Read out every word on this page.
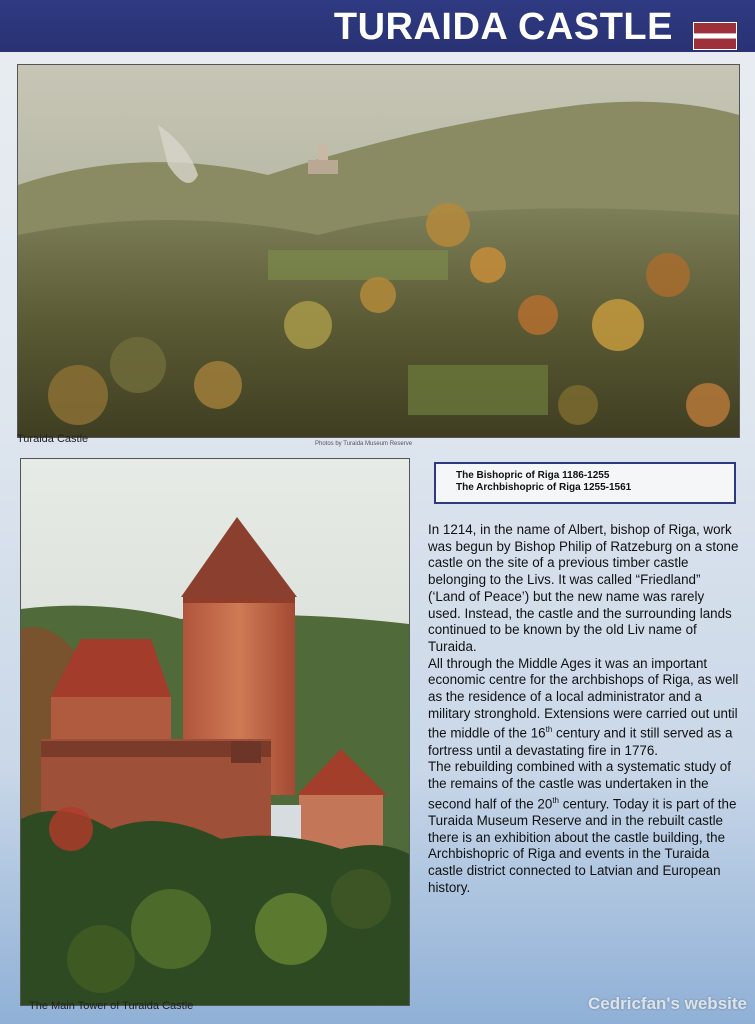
TURAIDA CASTLE
Turaida Castle	Photos by Turaida Museum Reserve
The Main Tower of Turaida Castle
The Bishopric of Riga 1186-1255
The Archbishopric of Riga 1255-1561

In 1214, in the name of Albert, bishop of Riga, work was begun by Bishop Philip of Ratzeburg on a stone castle on the site of a previous timber castle belonging to the Livs. It was called “Friedland” (‘Land of Peace’) but the new name was rarely used. Instead, the castle and the surrounding lands continued to be known by the old Liv name of Turaida.

All through the Middle Ages it was an important economic centre for the archbishops of Riga, as well as the residence of a local administrator and a military stronghold. Extensions were carried out until the middle of the 16th century and it still served as a fortress until a devastating fire in 1776.

The rebuilding combined with a systematic study of the remains of the castle was undertaken in the second half of the 20th century. Today it is part of the Turaida Museum Reserve and in the rebuilt castle there is an exhibition about the castle building, the Archbishopric of Riga and events in the Turaida castle district connected to Latvian and European history.

Cedricfan's website
